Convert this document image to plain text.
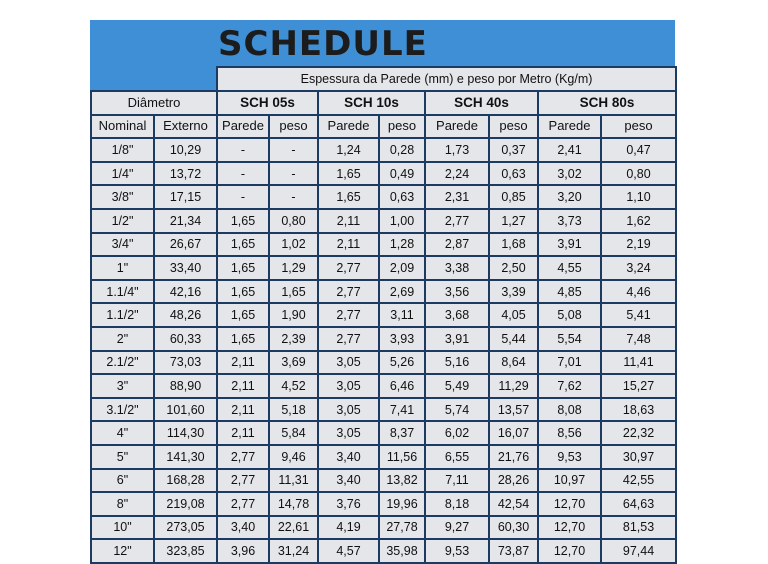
SCHEDULE
		Espessura da Parede (mm) e peso por Metro (Kg/m)							
Diâmetro		SCH 05s		SCH 10s		SCH 40s		SCH 80s	
Nominal	Externo	Parede	peso	Parede	peso	Parede	peso	Parede	peso
1/8"	10,29	-	-	1,24	0,28	1,73	0,37	2,41	0,47
1/4"	13,72	-	-	1,65	0,49	2,24	0,63	3,02	0,80
3/8"	17,15	-	-	1,65	0,63	2,31	0,85	3,20	1,10
1/2"	21,34	1,65	0,80	2,11	1,00	2,77	1,27	3,73	1,62
3/4"	26,67	1,65	1,02	2,11	1,28	2,87	1,68	3,91	2,19
1"	33,40	1,65	1,29	2,77	2,09	3,38	2,50	4,55	3,24
1.1/4"	42,16	1,65	1,65	2,77	2,69	3,56	3,39	4,85	4,46
1.1/2"	48,26	1,65	1,90	2,77	3,11	3,68	4,05	5,08	5,41
2"	60,33	1,65	2,39	2,77	3,93	3,91	5,44	5,54	7,48
2.1/2"	73,03	2,11	3,69	3,05	5,26	5,16	8,64	7,01	11,41
3"	88,90	2,11	4,52	3,05	6,46	5,49	11,29	7,62	15,27
3.1/2"	101,60	2,11	5,18	3,05	7,41	5,74	13,57	8,08	18,63
4"	114,30	2,11	5,84	3,05	8,37	6,02	16,07	8,56	22,32
5"	141,30	2,77	9,46	3,40	11,56	6,55	21,76	9,53	30,97
6"	168,28	2,77	11,31	3,40	13,82	7,11	28,26	10,97	42,55
8"	219,08	2,77	14,78	3,76	19,96	8,18	42,54	12,70	64,63
10"	273,05	3,40	22,61	4,19	27,78	9,27	60,30	12,70	81,53
12"	323,85	3,96	31,24	4,57	35,98	9,53	73,87	12,70	97,44
